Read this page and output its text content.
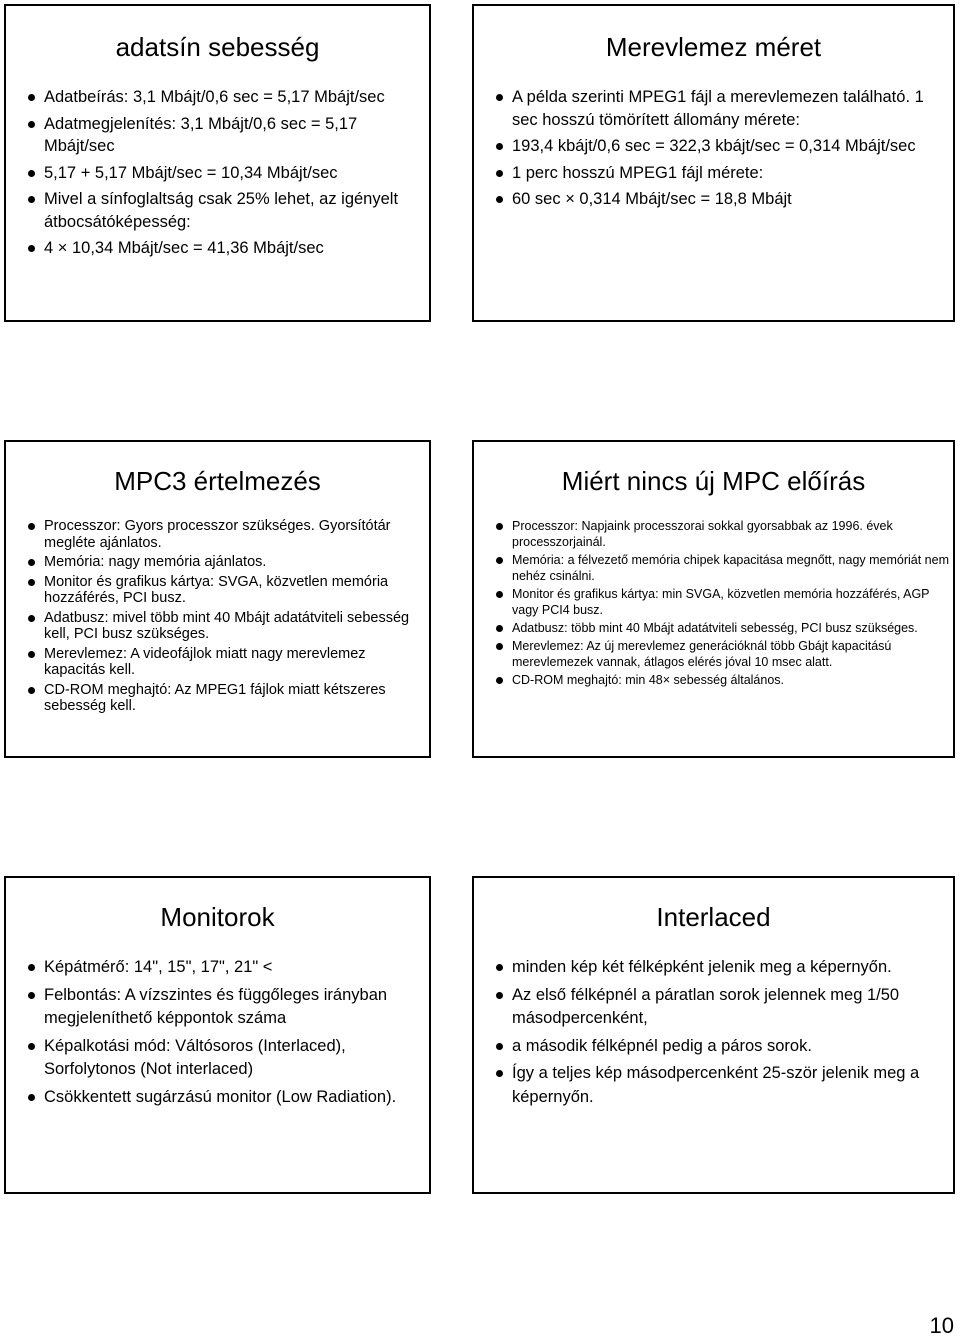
adatsín sebesség
Adatbeírás: 3,1 Mbájt/0,6 sec = 5,17 Mbájt/sec
Adatmegjelenítés: 3,1 Mbájt/0,6 sec = 5,17 Mbájt/sec
5,17 + 5,17 Mbájt/sec = 10,34 Mbájt/sec
Mivel a sínfoglaltság csak 25% lehet, az igényelt átbocsátóképesség:
4 × 10,34 Mbájt/sec = 41,36 Mbájt/sec
Merevlemez méret
A példa szerinti MPEG1 fájl a merevlemezen található. 1 sec hosszú tömörített állomány mérete:
193,4 kbájt/0,6 sec = 322,3 kbájt/sec = 0,314 Mbájt/sec
1 perc hosszú MPEG1 fájl mérete:
60 sec × 0,314 Mbájt/sec = 18,8 Mbájt
MPC3 értelmezés
Processzor: Gyors processzor szükséges. Gyorsítótár megléte ajánlatos.
Memória: nagy memória ajánlatos.
Monitor és grafikus kártya: SVGA, közvetlen memória hozzáférés, PCI busz.
Adatbusz: mivel több mint 40 Mbájt adatátviteli sebesség kell, PCI busz szükséges.
Merevlemez: A videofájlok miatt nagy merevlemez kapacitás kell.
CD-ROM meghajtó: Az MPEG1 fájlok miatt kétszeres sebesség kell.
Miért nincs új MPC előírás
Processzor: Napjaink processzorai sokkal gyorsabbak az 1996. évek processzorjainál.
Memória: a félvezető memória chipek kapacitása megnőtt, nagy memóriát nem nehéz csinálni.
Monitor és grafikus kártya: min SVGA, közvetlen memória hozzáférés, AGP vagy PCI4 busz.
Adatbusz: több mint 40 Mbájt adatátviteli sebesség, PCI busz szükséges.
Merevlemez: Az új merevlemez generációknál több Gbájt kapacitású merevlemezek vannak, átlagos elérés jóval 10 msec alatt.
CD-ROM meghajtó: min 48× sebesség általános.
Monitorok
Képátmérő: 14", 15", 17", 21" <
Felbontás: A vízszintes és függőleges irányban megjeleníthető képpontok száma
Képalkotási mód: Váltósoros (Interlaced), Sorfolytonos (Not interlaced)
Csökkentett sugárzású monitor (Low Radiation).
Interlaced
minden kép két félképként jelenik meg a képernyőn.
Az első félképnél a páratlan sorok jelennek meg 1/50 másodpercenként,
a második félképnél pedig a páros sorok.
Így a teljes kép másodpercenként 25-ször jelenik meg a képernyőn.
10
